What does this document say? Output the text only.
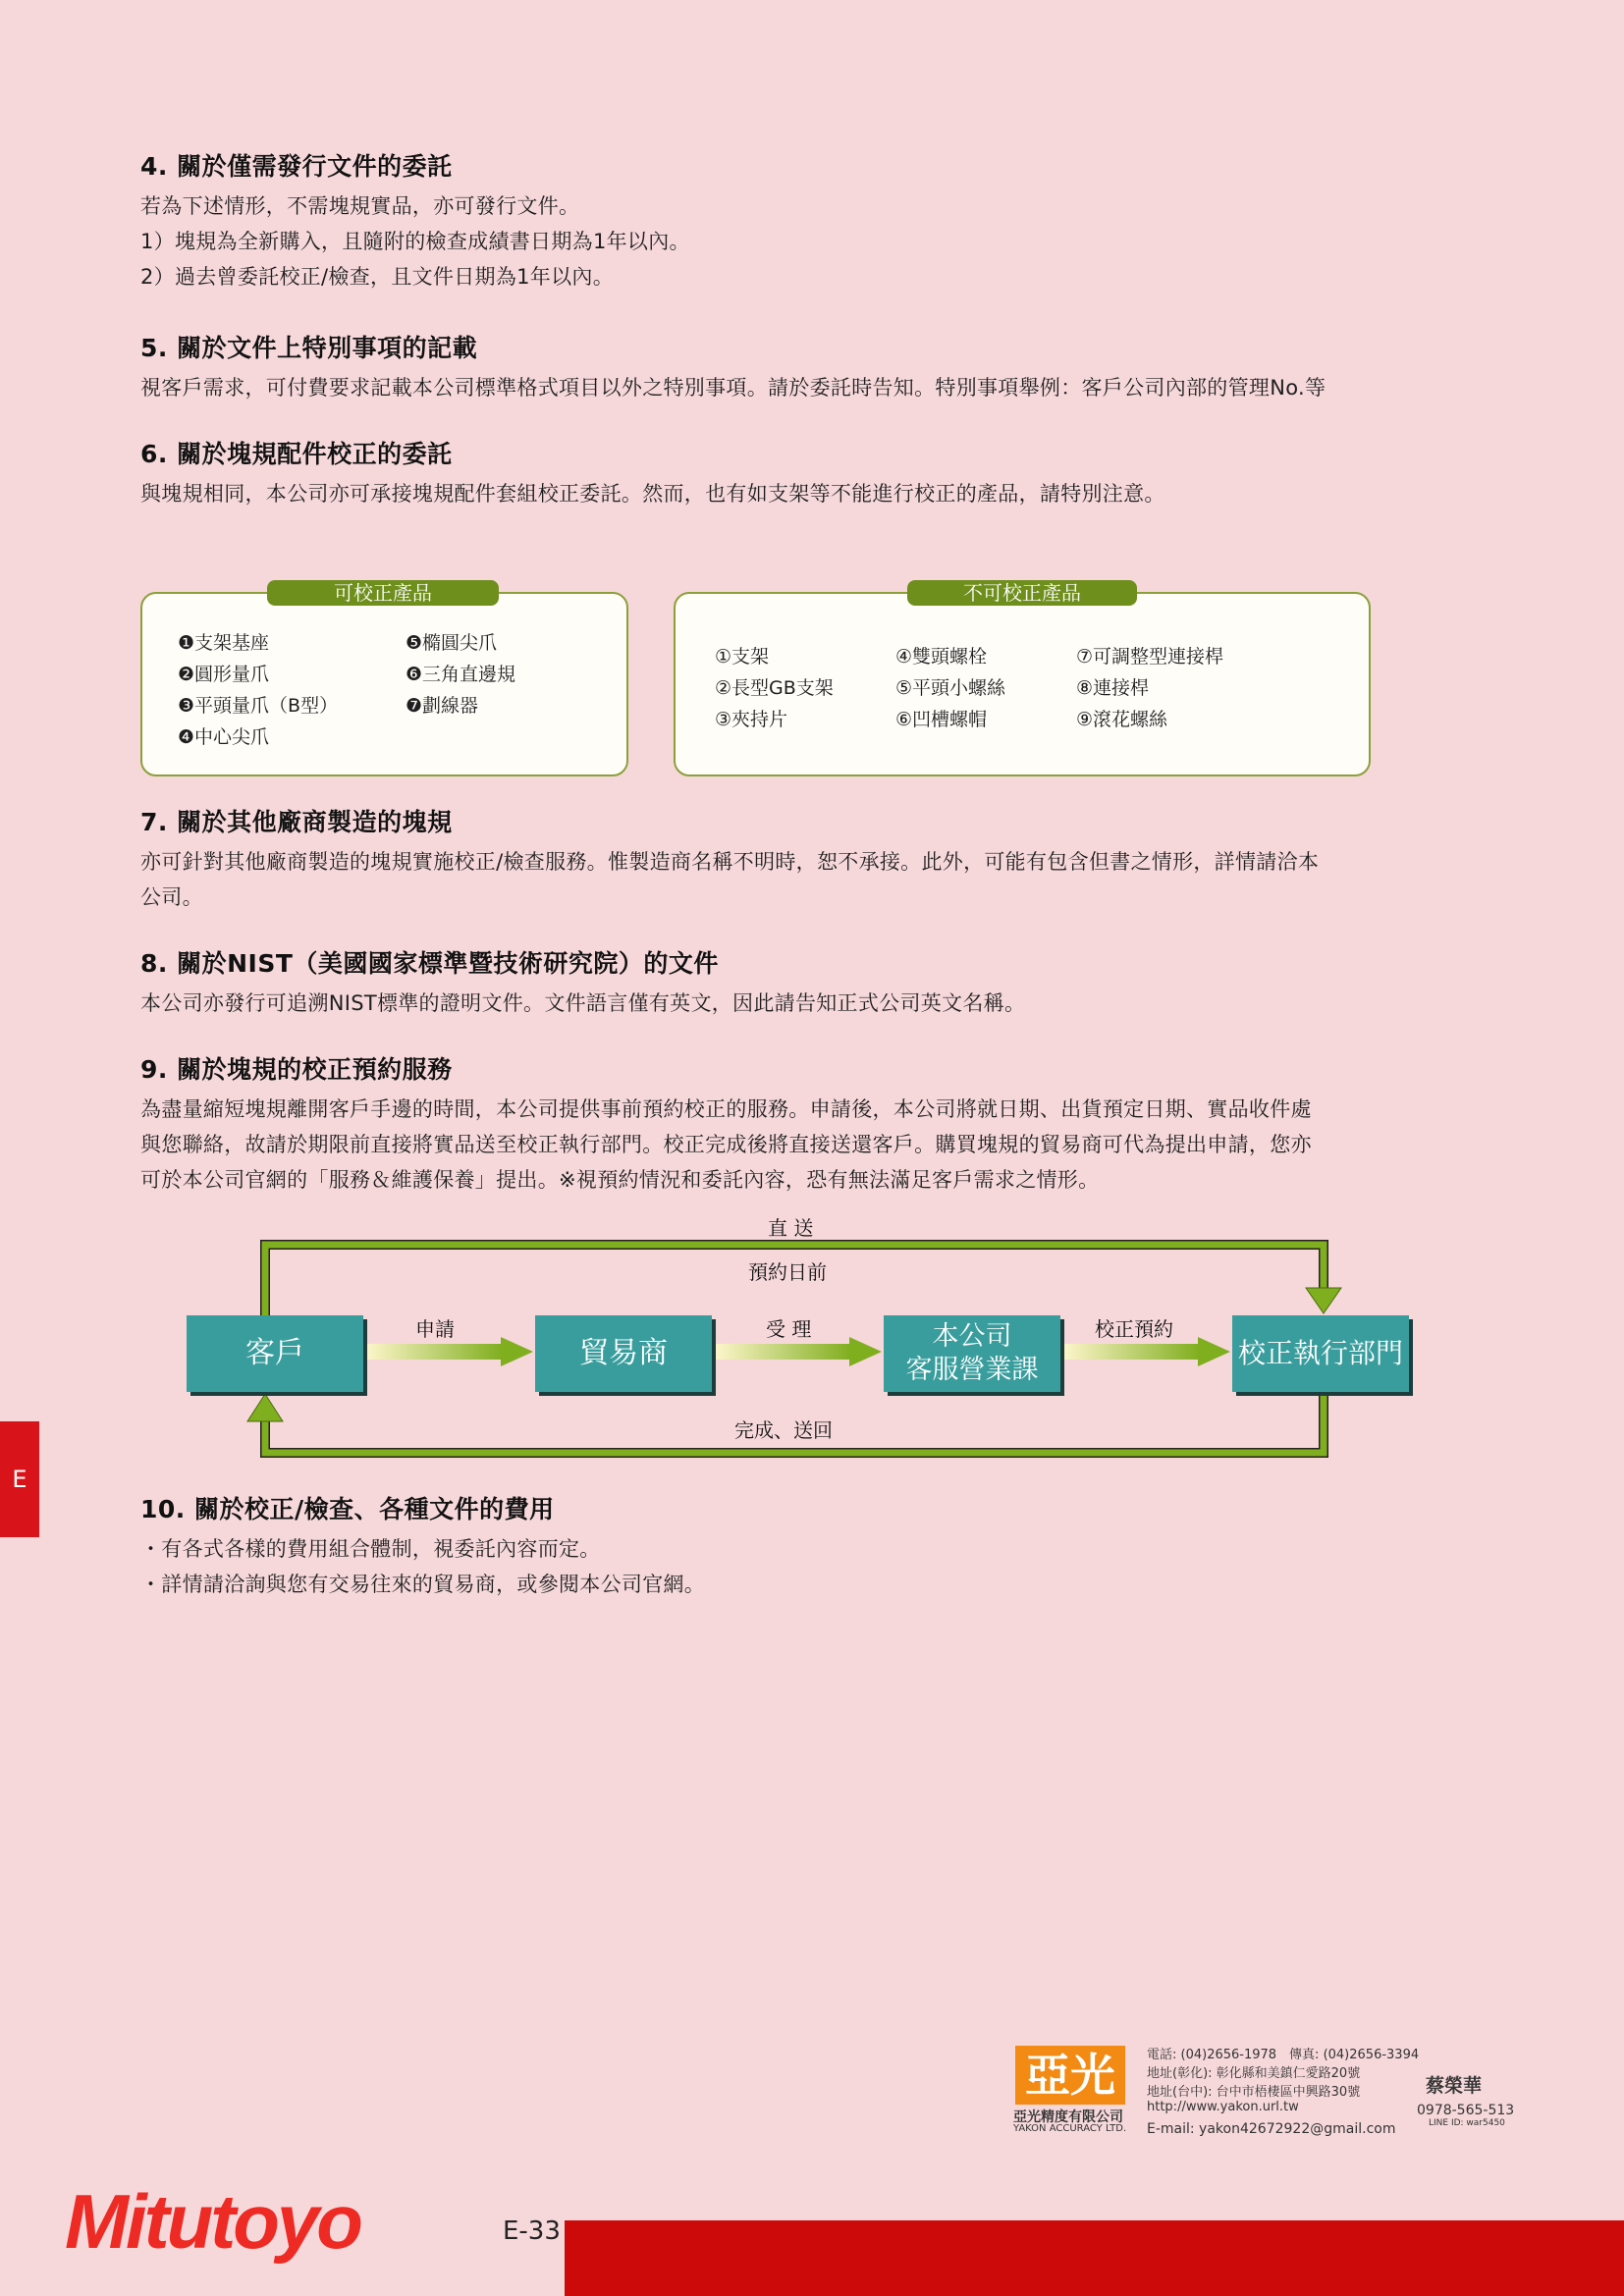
4. 關於僅需發行文件的委託

若為下述情形，不需塊規實品，亦可發行文件。

1）塊規為全新購入，且隨附的檢查成績書日期為1年以內。

2）過去曾委託校正/檢查，且文件日期為1年以內。

5. 關於文件上特別事項的記載

視客戶需求，可付費要求記載本公司標準格式項目以外之特別事項。請於委託時告知。特別事項舉例：客戶公司內部的管理No.等

6. 關於塊規配件校正的委託

與塊規相同，本公司亦可承接塊規配件套組校正委託。然而，也有如支架等不能進行校正的產品，請特別注意。

可校正產品
❶支架基座	❺橢圓尖爪
❷圓形量爪	❻三角直邊規
❸平頭量爪（B型）	❼劃線器
❹中心尖爪
不可校正產品
①支架	④雙頭螺栓	⑦可調整型連接桿
②長型GB支架	⑤平頭小螺絲	⑧連接桿
③夾持片	⑥凹槽螺帽	⑨滾花螺絲
7. 關於其他廠商製造的塊規

亦可針對其他廠商製造的塊規實施校正/檢查服務。惟製造商名稱不明時，恕不承接。此外，可能有包含但書之情形，詳情請洽本

公司。

8. 關於NIST（美國國家標準暨技術研究院）的文件

本公司亦發行可追溯NIST標準的證明文件。文件語言僅有英文，因此請告知正式公司英文名稱。

9. 關於塊規的校正預約服務

為盡量縮短塊規離開客戶手邊的時間，本公司提供事前預約校正的服務。申請後，本公司將就日期、出貨預定日期、實品收件處

與您聯絡，故請於期限前直接將實品送至校正執行部門。校正完成後將直接送還客戶。購買塊規的貿易商可代為提出申請，您亦

可於本公司官網的「服務＆維護保養」提出。※視預約情況和委託內容，恐有無法滿足客戶需求之情形。

客戶	貿易商	本公司
客服營業課
校正執行部門
申請	受 理	校正預約
直 送
預約日前
完成、送回
10. 關於校正/檢查、各種文件的費用

・有各式各樣的費用組合體制，視委託內容而定。

・詳情請洽詢與您有交易往來的貿易商，或參閱本公司官網。

E
亞光
亞光精度有限公司
YAKON ACCURACY LTD.
電話: (04)2656-1978　傳真: (04)2656-3394
地址(彰化): 彰化縣和美鎮仁愛路20號
地址(台中): 台中市梧棲區中興路30號
http://www.yakon.url.tw
E-mail: yakon42672922@gmail.com
蔡榮華
0978-565-513
LINE ID: war5450
Mitutoyo	E-33
